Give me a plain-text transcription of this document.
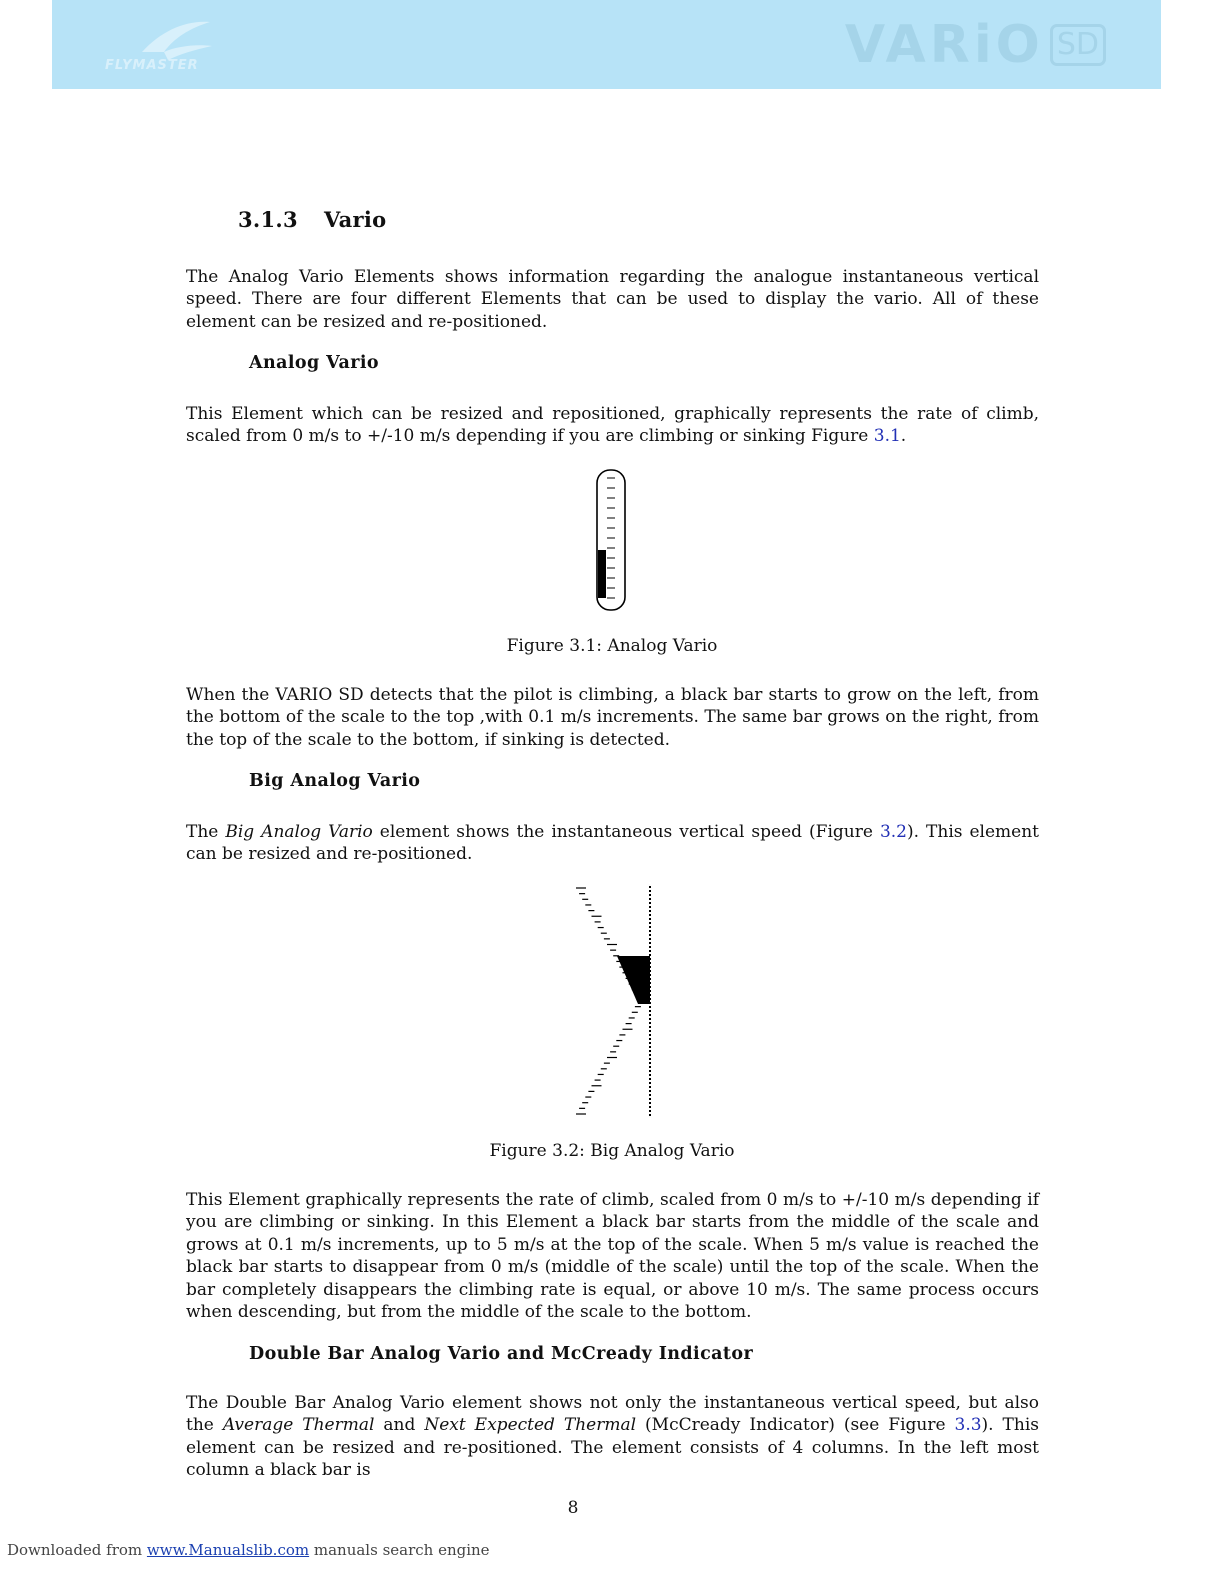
FLYMASTER	VARiO SD
3.1.3 Vario

The Analog Vario Elements shows information regarding the analogue instantaneous vertical speed. There are four different Elements that can be used to display the vario. All of these element can be resized and re-positioned.

Analog Vario

This Element which can be resized and repositioned, graphically represents the rate of climb, scaled from 0 m/s to +/-10 m/s depending if you are climbing or sinking Figure 3.1.

Figure 3.1: Analog Vario

When the VARIO SD detects that the pilot is climbing, a black bar starts to grow on the left, from the bottom of the scale to the top ,with 0.1 m/s increments. The same bar grows on the right, from the top of the scale to the bottom, if sinking is detected.

Big Analog Vario

The Big Analog Vario element shows the instantaneous vertical speed (Figure 3.2). This element can be resized and re-positioned.

Figure 3.2: Big Analog Vario

This Element graphically represents the rate of climb, scaled from 0 m/s to +/-10 m/s depending if you are climbing or sinking. In this Element a black bar starts from the middle of the scale and grows at 0.1 m/s increments, up to 5 m/s at the top of the scale. When 5 m/s value is reached the black bar starts to disappear from 0 m/s (middle of the scale) until the top of the scale. When the bar completely disappears the climbing rate is equal, or above 10 m/s. The same process occurs when descending, but from the middle of the scale to the bottom.

Double Bar Analog Vario and McCready Indicator

The Double Bar Analog Vario element shows not only the instantaneous vertical speed, but also the Average Thermal and Next Expected Thermal (McCready Indicator) (see Figure 3.3). This element can be resized and re-positioned. The element consists of 4 columns. In the left most column a black bar is

8
Downloaded from www.Manualslib.com manuals search engine
